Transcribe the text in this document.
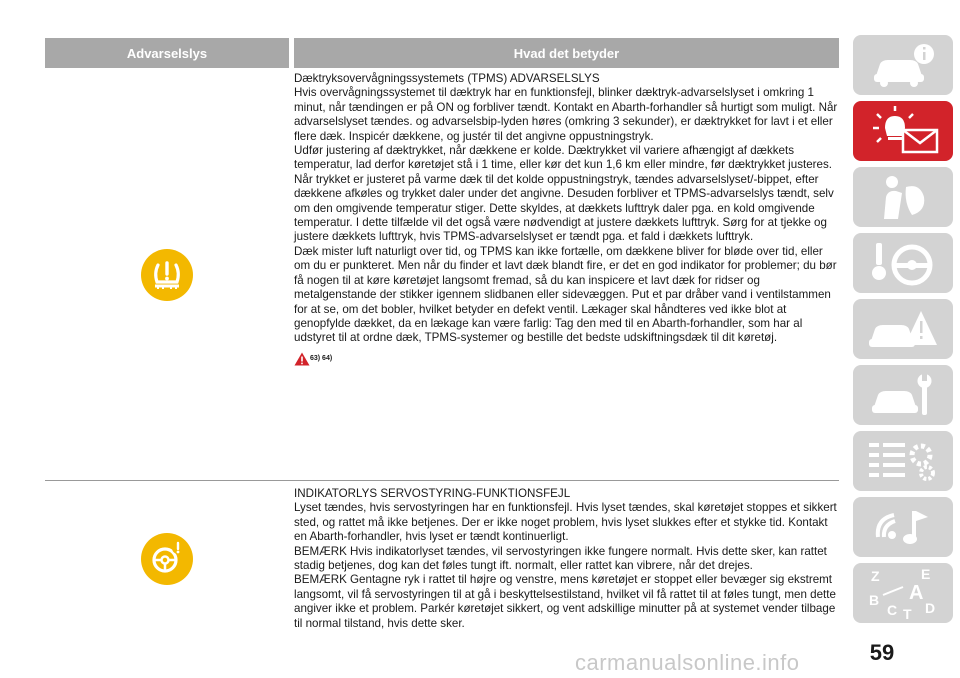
Advarselslys	Hvad det betyder

Dæktryksovervågningssystemets (TPMS) ADVARSELSLYS

Hvis overvågningssystemet til dæktryk har en funktionsfejl, blinker dæktryk-advarselslyset i omkring 1 minut, når tændingen er på ON og forbliver tændt. Kontakt en Abarth-forhandler så hurtigt som muligt. Når advarselslyset tændes. og advarselsbip-lyden høres (omkring 3 sekunder), er dæktrykket for lavt i et eller flere dæk. Inspicér dækkene, og justér til det angivne oppustningstryk.

Udfør justering af dæktrykket, når dækkene er kolde. Dæktrykket vil variere afhængigt af dækkets temperatur, lad derfor køretøjet stå i 1 time, eller kør det kun 1,6 km eller mindre, før dæktrykket justeres. Når trykket er justeret på varme dæk til det kolde oppustningstryk, tændes advarselslyset/-bippet, efter dækkene afkøles og trykket daler under det angivne. Desuden forbliver et TPMS-advarselslys tændt, selv om den omgivende temperatur stiger. Dette skyldes, at dækkets lufttryk daler pga. en kold omgivende temperatur. I dette tilfælde vil det også være nødvendigt at justere dækkets lufttryk. Sørg for at tjekke og justere dækkets lufttryk, hvis TPMS-advarselslyset er tændt pga. et fald i dækkets lufttryk.

Dæk mister luft naturligt over tid, og TPMS kan ikke fortælle, om dækkene bliver for bløde over tid, eller om du er punkteret. Men når du finder et lavt dæk blandt fire, er det en god indikator for problemer; du bør få nogen til at køre køretøjet langsomt fremad, så du kan inspicere et lavt dæk for ridser og metalgenstande der stikker igennem slidbanen eller sidevæggen. Put et par dråber vand i ventilstammen for at se, om det bobler, hvilket betyder en defekt ventil. Lækager skal håndteres ved ikke blot at genopfylde dækket, da en lækage kan være farlig: Tag den med til en Abarth-forhandler, som har al udstyret til at ordne dæk, TPMS-systemer og bestille det bedste udskiftningsdæk til dit køretøj.

63) 64)

INDIKATORLYS SERVOSTYRING-FUNKTIONSFEJL

Lyset tændes, hvis servostyringen har en funktionsfejl. Hvis lyset tændes, skal køretøjet stoppes et sikkert sted, og rattet må ikke betjenes. Der er ikke noget problem, hvis lyset slukkes efter et stykke tid. Kontakt en Abarth-forhandler, hvis lyset er tændt kontinuerligt.

BEMÆRK Hvis indikatorlyset tændes, vil servostyringen ikke fungere normalt. Hvis dette sker, kan rattet stadig betjenes, dog kan det føles tungt ift. normalt, eller rattet kan vibrere, når det drejes.

BEMÆRK Gentagne ryk i rattet til højre og venstre, mens køretøjet er stoppet eller bevæger sig ekstremt langsomt, vil få servostyringen til at gå i beskyttelsestilstand, hvilket vil få rattet til at føles tungt, men dette angiver ikke et problem. Parkér køretøjet sikkert, og vent adskillige minutter på at systemet vender tilbage til normal tilstand, hvis dette sker.

Z	E
B A
C T D
59
carmanualsonline.info
